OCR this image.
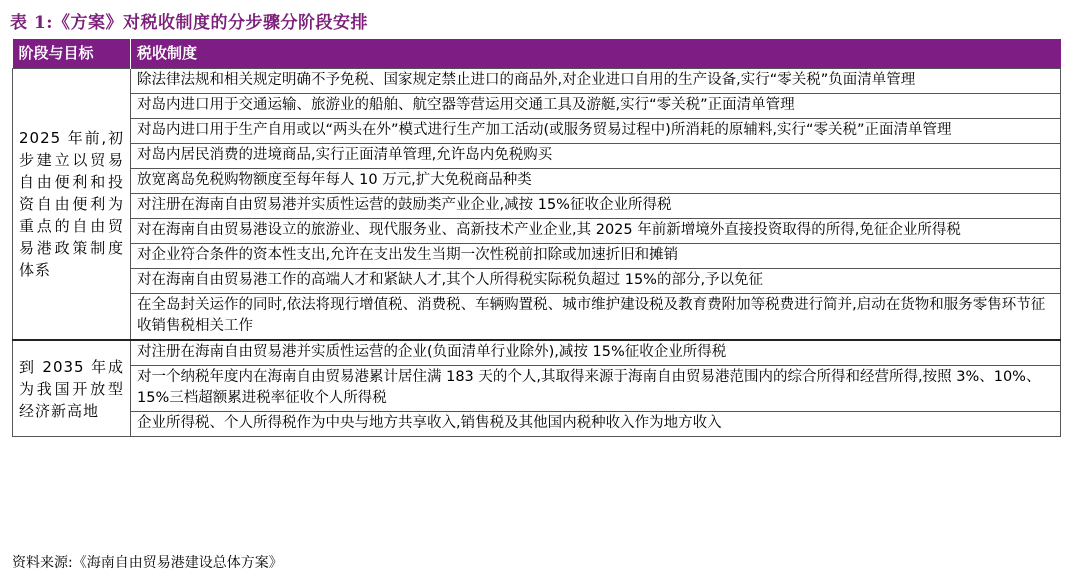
表 1:《方案》对税收制度的分步骤分阶段安排
阶段与目标	税收制度
2025 年前,初步建立以贸易自由便利和投资自由便利为重点的自由贸易港政策制度体系	除法律法规和相关规定明确不予免税、国家规定禁止进口的商品外,对企业进口自用的生产设备,实行“零关税”负面清单管理
	对岛内进口用于交通运输、旅游业的船舶、航空器等营运用交通工具及游艇,实行“零关税”正面清单管理
	对岛内进口用于生产自用或以“两头在外”模式进行生产加工活动(或服务贸易过程中)所消耗的原辅料,实行“零关税”正面清单管理
	对岛内居民消费的进境商品,实行正面清单管理,允许岛内免税购买
	放宽离岛免税购物额度至每年每人 10 万元,扩大免税商品种类
	对注册在海南自由贸易港并实质性运营的鼓励类产业企业,减按 15%征收企业所得税
	对在海南自由贸易港设立的旅游业、现代服务业、高新技术产业企业,其 2025 年前新增境外直接投资取得的所得,免征企业所得税
	对企业符合条件的资本性支出,允许在支出发生当期一次性税前扣除或加速折旧和摊销
	对在海南自由贸易港工作的高端人才和紧缺人才,其个人所得税实际税负超过 15%的部分,予以免征
	在全岛封关运作的同时,依法将现行增值税、消费税、车辆购置税、城市维护建设税及教育费附加等税费进行简并,启动在货物和服务零售环节征收销售税相关工作
到 2035 年成为我国开放型经济新高地	对注册在海南自由贸易港并实质性运营的企业(负面清单行业除外),减按 15%征收企业所得税
	对一个纳税年度内在海南自由贸易港累计居住满 183 天的个人,其取得来源于海南自由贸易港范围内的综合所得和经营所得,按照 3%、10%、15%三档超额累进税率征收个人所得税
	企业所得税、个人所得税作为中央与地方共享收入,销售税及其他国内税种收入作为地方收入
资料来源:《海南自由贸易港建设总体方案》
